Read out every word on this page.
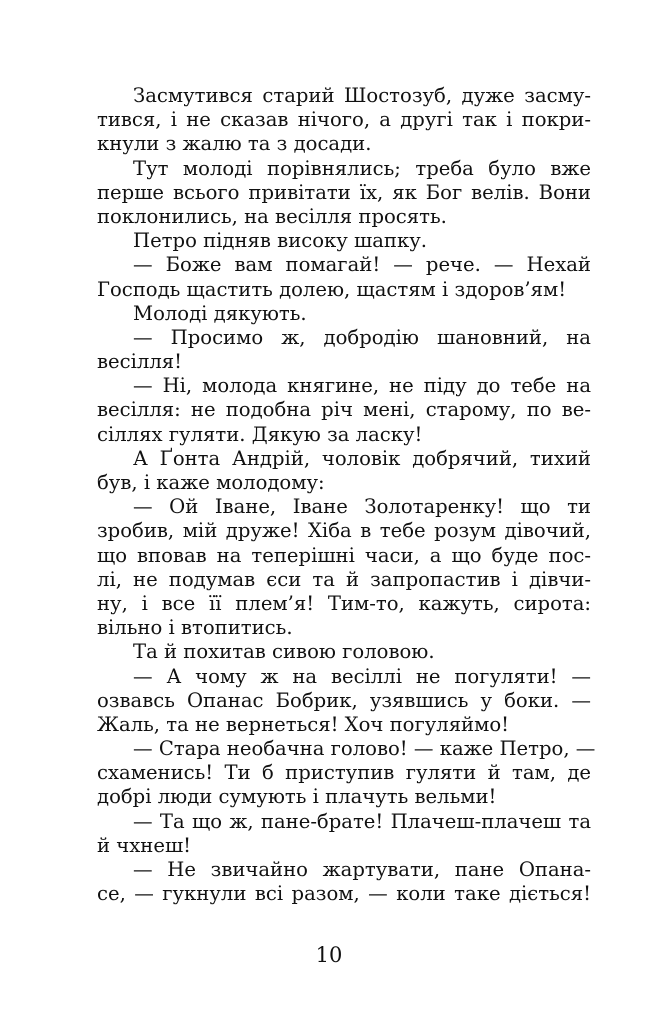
Засмутився старий Шостозуб, дуже засму-
тився, і не сказав нічого, а другі так і покри-
кнули з жалю та з досади.
Тут молоді порівнялись; треба було вже
перше всього привітати їх, як Бог велів. Вони
поклонились, на весілля просять.
Петро підняв високу шапку.
— Боже вам помагай! — рече. — Нехай
Господь щастить долею, щастям і здоров’ям!
Молоді дякують.
— Просимо ж, добродію шановний, на
весілля!
— Ні, молода княгине, не піду до тебе на
весілля: не подобна річ мені, старому, по ве-
сіллях гуляти. Дякую за ласку!
А Ґонта Андрій, чоловік добрячий, тихий
був, і каже молодому:
— Ой Іване, Іване Золотаренку! що ти
зробив, мій друже! Хіба в тебе розум дівочий,
що вповав на теперішні часи, а що буде пос-
лі, не подумав єси та й запропастив і дівчи-
ну, і все її плем’я! Тим-то, кажуть, сирота:
вільно і втопитись.
Та й похитав сивою головою.
— А чому ж на весіллі не погуляти! —
озвавсь Опанас Бобрик, узявшись у боки. —
Жаль, та не вернеться! Хоч погуляймо!
— Стара необачна голово! — каже Петро, —
схаменись! Ти б приступив гуляти й там, де
добрі люди сумують і плачуть вельми!
— Та що ж, пане-брате! Плачеш-плачеш та
й чхнеш!
— Не звичайно жартувати, пане Опана-
се, — гукнули всі разом, — коли таке діється!
10
